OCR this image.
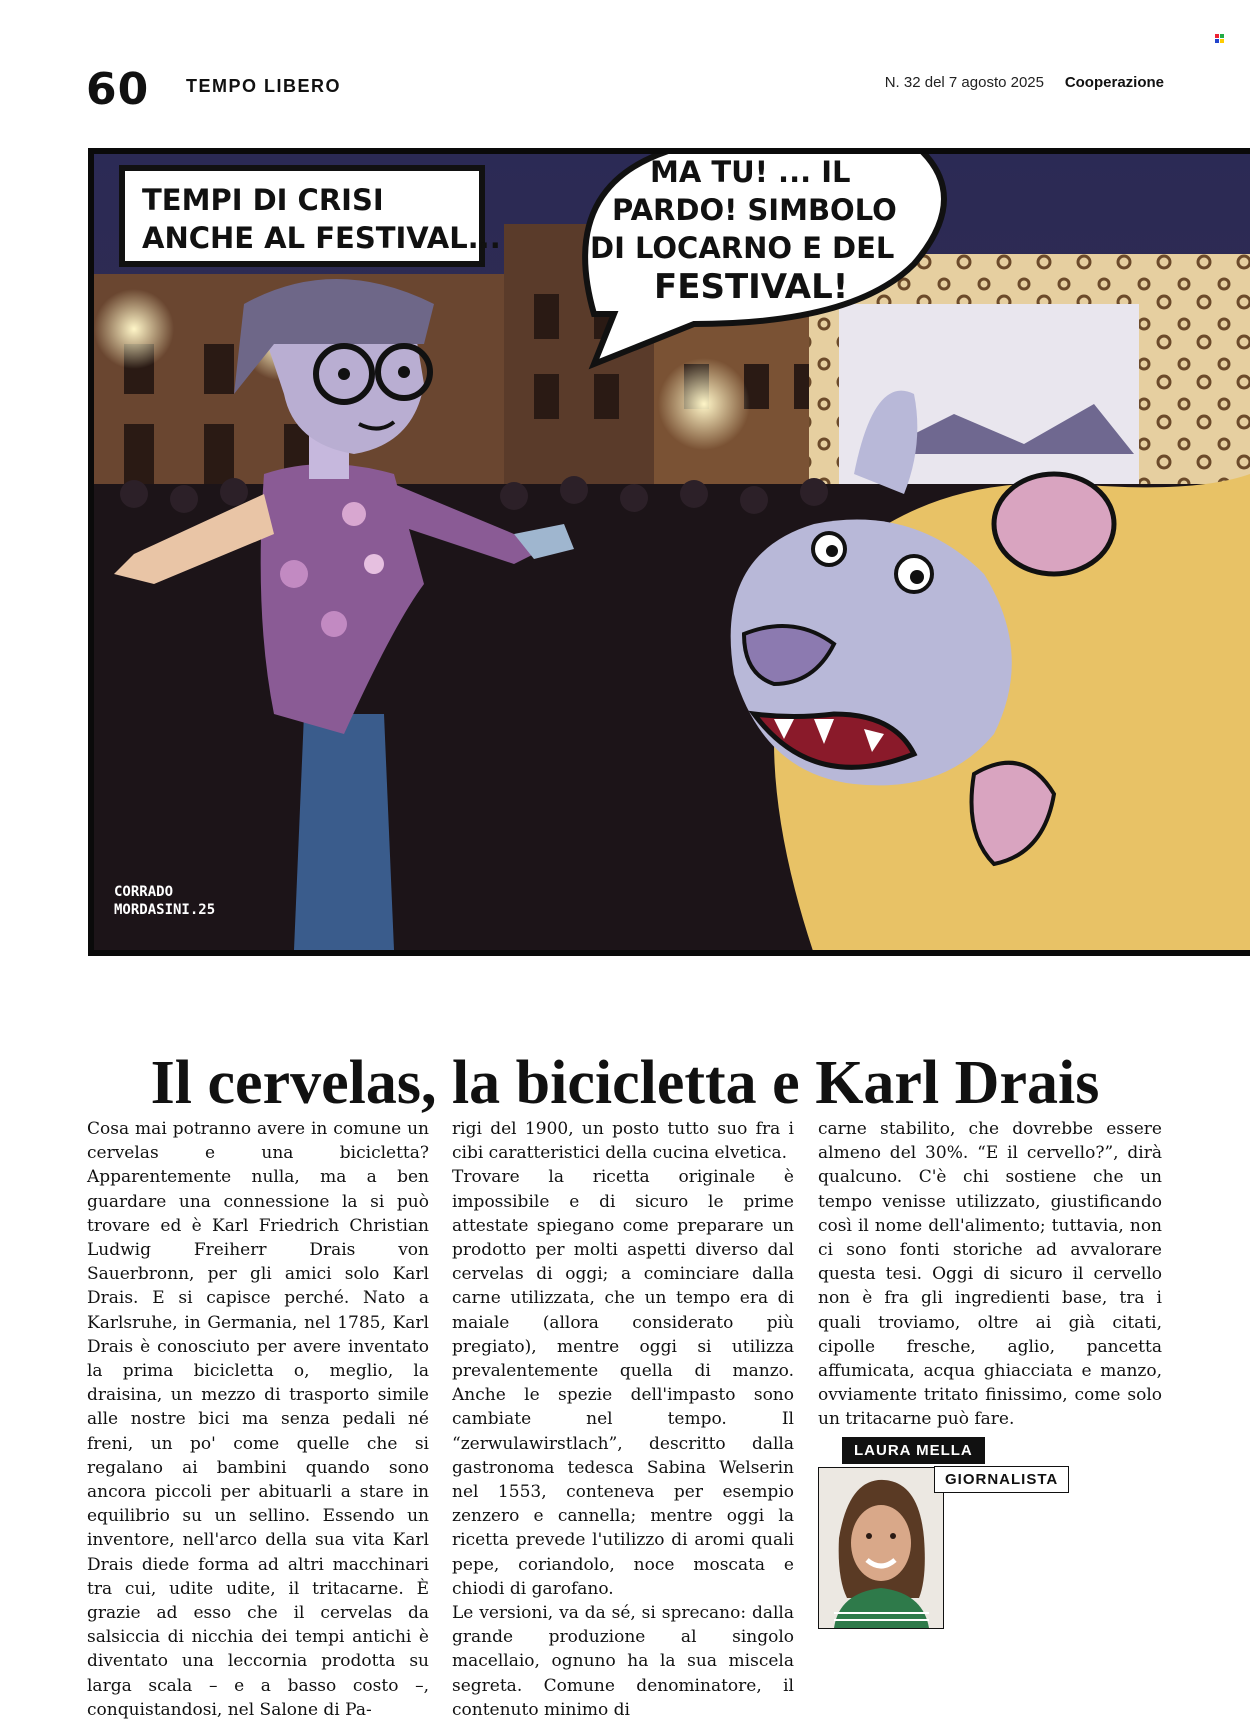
60 TEMPO LIBERO	N. 32 del 7 agosto 2025 Cooperazione
TEMPI DI CRISI
ANCHE AL FESTIVAL...
MA TU! ... IL
PARDO! SIMBOLO
DI LOCARNO E DEL
FESTIVAL!
CORRADO
MORDASINI.25
Il cervelas, la bicicletta e Karl Drais

Cosa mai potranno avere in comune un cervelas e una bicicletta? Apparentemente nulla, ma a ben guardare una connessione la si può trovare ed è Karl Friedrich Christian Ludwig Freiherr Drais von Sauerbronn, per gli amici solo Karl Drais. E si capisce perché. Nato a Karlsruhe, in Germania, nel 1785, Karl Drais è conosciuto per avere inventato la prima bicicletta o, meglio, la draisina, un mezzo di trasporto simile alle nostre bici ma senza pedali né freni, un po' come quelle che si regalano ai bambini quando sono ancora piccoli per abituarli a stare in equilibrio su un sellino. Essendo un inventore, nell'arco della sua vita Karl Drais diede forma ad altri macchinari tra cui, udite udite, il tritacarne. È grazie ad esso che il cervelas da salsiccia di nicchia dei tempi antichi è diventato una leccornia prodotta su larga scala – e a basso costo –, conquistandosi, nel Salone di Pa-

rigi del 1900, un posto tutto suo fra i cibi caratteristici della cucina elvetica.

Trovare la ricetta originale è impossibile e di sicuro le prime attestate spiegano come preparare un prodotto per molti aspetti diverso dal cervelas di oggi; a cominciare dalla carne utilizzata, che un tempo era di maiale (allora considerato più pregiato), mentre oggi si utilizza prevalentemente quella di manzo. Anche le spezie dell'impasto sono cambiate nel tempo. Il “zerwulawirstlach”, descritto dalla gastronoma tedesca Sabina Welserin nel 1553, conteneva per esempio zenzero e cannella; mentre oggi la ricetta prevede l'utilizzo di aromi quali pepe, coriandolo, noce moscata e chiodi di garofano.

Le versioni, va da sé, si sprecano: dalla grande produzione al singolo macellaio, ognuno ha la sua miscela segreta. Comune denominatore, il contenuto minimo di

carne stabilito, che dovrebbe essere almeno del 30%. “E il cervello?”, dirà qualcuno. C'è chi sostiene che un tempo venisse utilizzato, giustificando così il nome dell'alimento; tuttavia, non ci sono fonti storiche ad avvalorare questa tesi. Oggi di sicuro il cervello non è fra gli ingredienti base, tra i quali troviamo, oltre ai già citati, cipolle fresche, aglio, pancetta affumicata, acqua ghiacciata e manzo, ovviamente tritato finissimo, come solo un tritacarne può fare.

LAURA MELLA
GIORNALISTA
